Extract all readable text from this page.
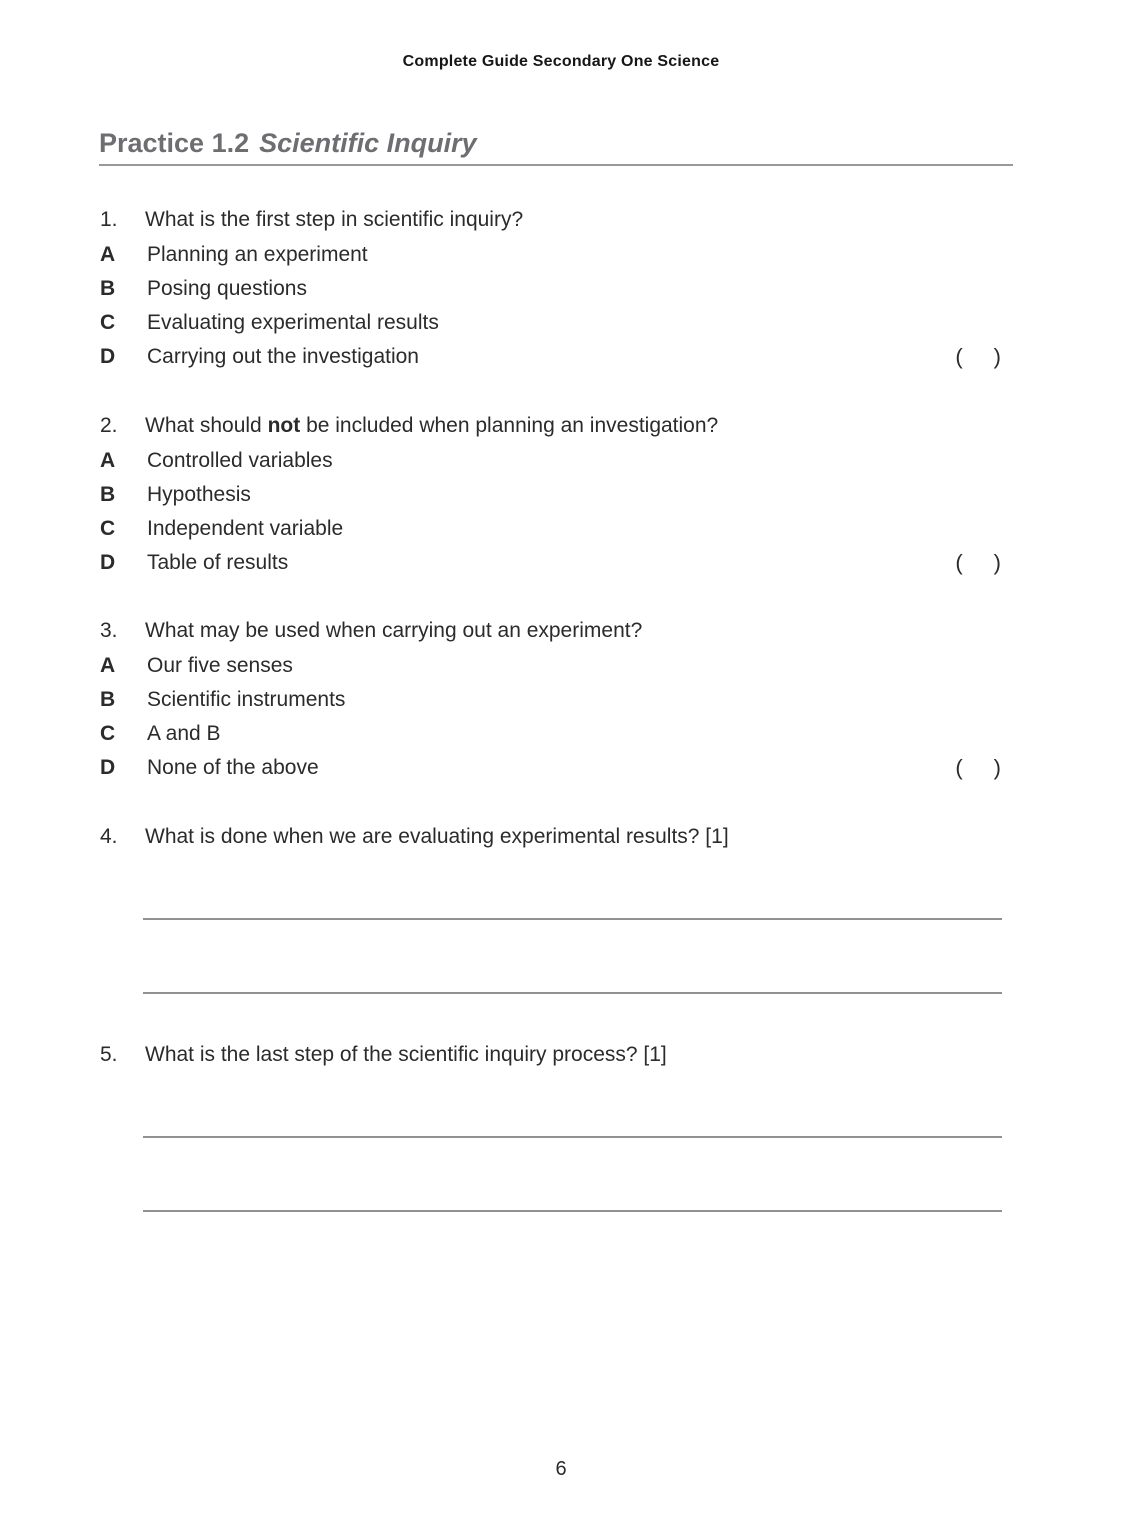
Complete Guide Secondary One Science
Practice 1.2 Scientific Inquiry
1.	What is the first step in scientific inquiry?
A	Planning an experiment
B	Posing questions
C	Evaluating experimental results
D	Carrying out the investigation	( )
2.	What should not be included when planning an investigation?
A	Controlled variables
B	Hypothesis
C	Independent variable
D	Table of results	( )
3.	What may be used when carrying out an experiment?
A	Our five senses
B	Scientific instruments
C	A and B
D	None of the above	( )
4.	What is done when we are evaluating experimental results? [1]
5.	What is the last step of the scientific inquiry process? [1]
6
